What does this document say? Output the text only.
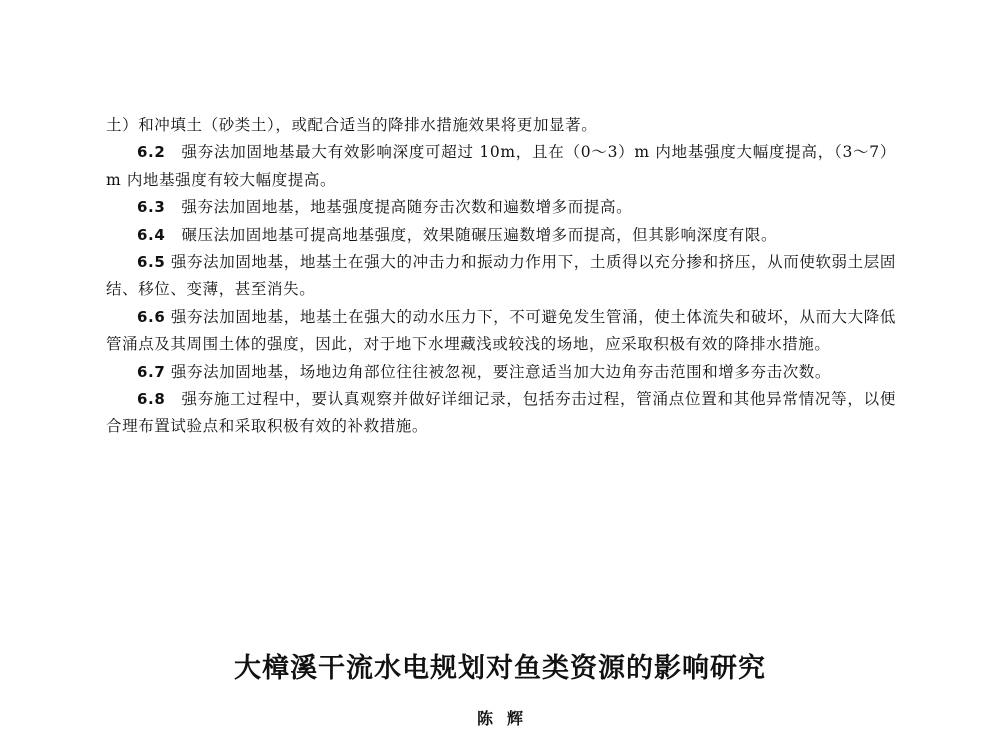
土）和冲填土（砂类土），或配合适当的降排水措施效果将更加显著。

6.2 强夯法加固地基最大有效影响深度可超过 10m，且在（0～3）m 内地基强度大幅度提高，（3～7）m 内地基强度有较大幅度提高。

6.3 强夯法加固地基，地基强度提高随夯击次数和遍数增多而提高。

6.4 碾压法加固地基可提高地基强度，效果随碾压遍数增多而提高，但其影响深度有限。

6.5 强夯法加固地基，地基土在强大的冲击力和振动力作用下，土质得以充分掺和挤压，从而使软弱土层固结、移位、变薄，甚至消失。

6.6 强夯法加固地基，地基土在强大的动水压力下，不可避免发生管涌，使土体流失和破坏，从而大大降低管涌点及其周围土体的强度，因此，对于地下水埋藏浅或较浅的场地，应采取积极有效的降排水措施。

6.7 强夯法加固地基，场地边角部位往往被忽视，要注意适当加大边角夯击范围和增多夯击次数。

6.8 强夯施工过程中，要认真观察并做好详细记录，包括夯击过程，管涌点位置和其他异常情况等，以便合理布置试验点和采取积极有效的补救措施。

大樟溪干流水电规划对鱼类资源的影响研究
陈辉
